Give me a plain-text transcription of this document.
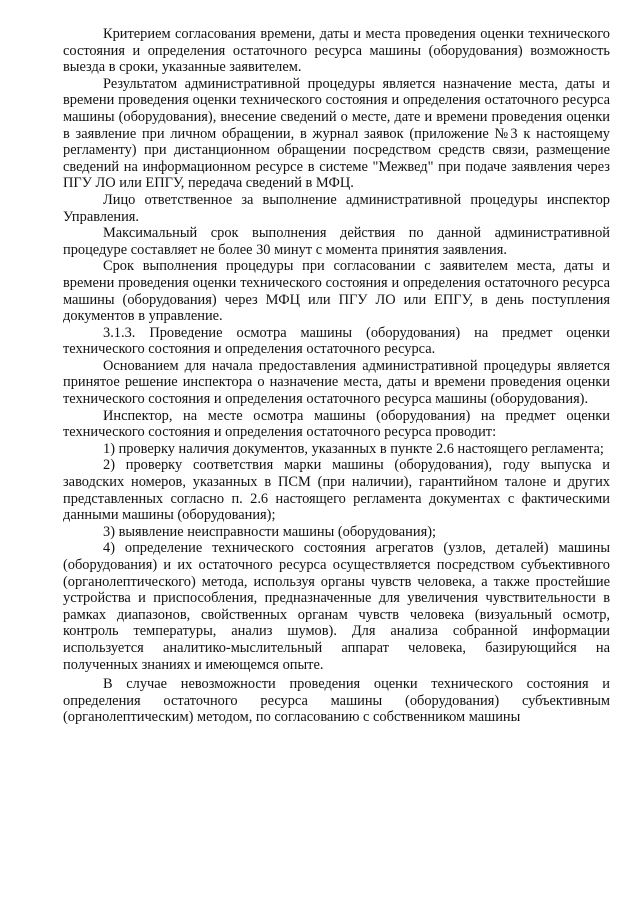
Критерием согласования времени, даты и места проведения оценки технического состояния и определения остаточного ресурса машины (оборудования) возможность выезда в сроки, указанные заявителем.

Результатом административной процедуры является назначение места, даты и времени проведения оценки технического состояния и определения остаточного ресурса машины (оборудования), внесение сведений о месте, дате и времени проведения оценки в заявление при личном обращении, в журнал заявок (приложение №3 к настоящему регламенту) при дистанционном обращении посредством средств связи, размещение сведений на информационном ресурсе в системе "Межвед" при подаче заявления через ПГУ ЛО или ЕПГУ, передача сведений в МФЦ.

Лицо ответственное за выполнение административной процедуры инспектор Управления.

Максимальный срок выполнения действия по данной административной процедуре составляет не более 30 минут с момента принятия заявления.

Срок выполнения процедуры при согласовании с заявителем места, даты и времени проведения оценки технического состояния и определения остаточного ресурса машины (оборудования) через МФЦ или ПГУ ЛО или ЕПГУ, в день поступления документов в управление.

3.1.3. Проведение осмотра машины (оборудования) на предмет оценки технического состояния и определения остаточного ресурса.

Основанием для начала предоставления административной процедуры является принятое решение инспектора о назначение места, даты и времени проведения оценки технического состояния и определения остаточного ресурса машины (оборудования).

Инспектор, на месте осмотра машины (оборудования) на предмет оценки технического состояния и определения остаточного ресурса проводит:

1) проверку наличия документов, указанных в пункте 2.6 настоящего регламента;

2) проверку соответствия марки машины (оборудования), году выпуска и заводских номеров, указанных в ПСМ (при наличии), гарантийном талоне и других представленных согласно п. 2.6 настоящего регламента документах с фактическими данными машины (оборудования);

3) выявление неисправности машины (оборудования);

4) определение технического состояния агрегатов (узлов, деталей) машины (оборудования) и их остаточного ресурса осуществляется посредством субъективного (органолептического) метода, используя органы чувств человека, а также простейшие устройства и приспособления, предназначенные для увеличения чувствительности в рамках диапазонов, свойственных органам чувств человека (визуальный осмотр, контроль температуры, анализ шумов). Для анализа собранной информации используется аналитико-мыслительный аппарат человека, базирующийся на полученных знаниях и имеющемся опыте.

В случае невозможности проведения оценки технического состояния и определения остаточного ресурса машины (оборудования) субъективным (органолептическим) методом, по согласованию с собственником машины
